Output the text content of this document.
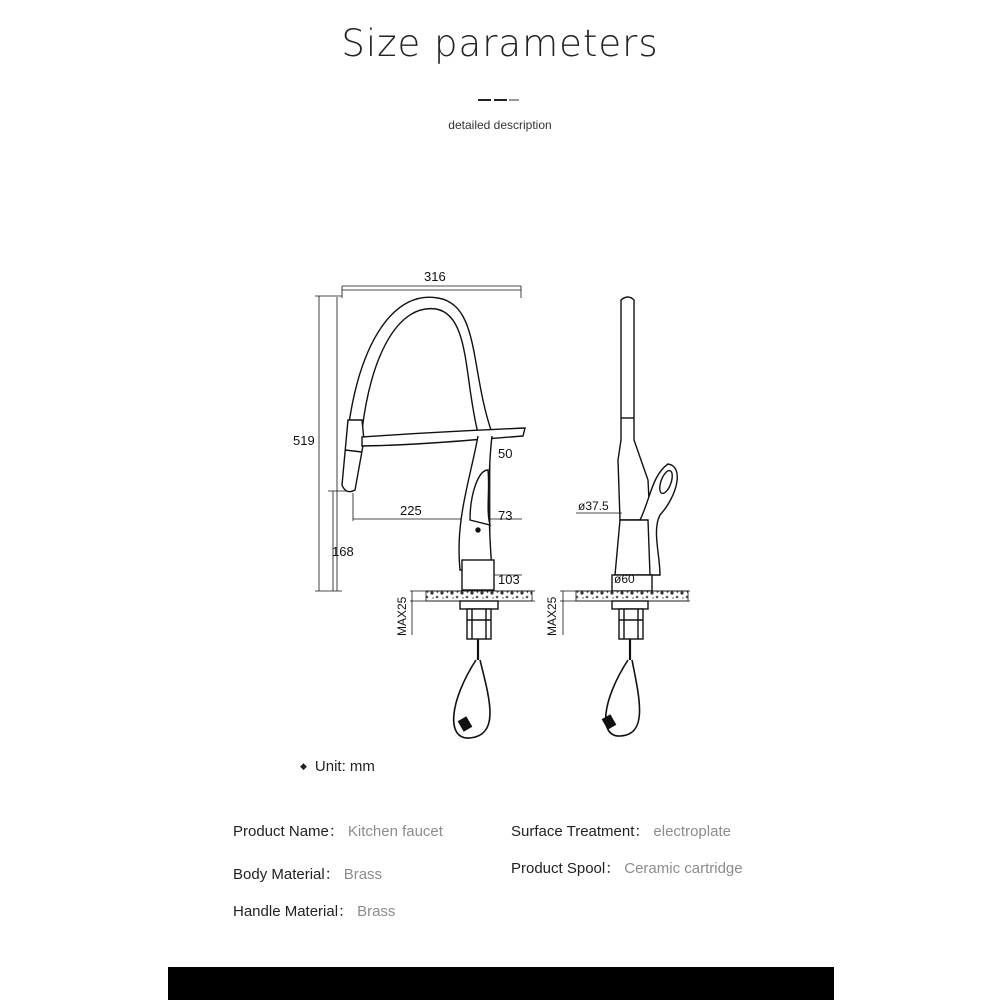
Size parameters
detailed description
316
519
50
225	73
168
103
MAX25
ø37.5
ø60
MAX25
◆ Unit: mm
Product Name： Kitchen faucet	Surface Treatment： electroplate
Body Material： Brass	Product Spool： Ceramic cartridge
Handle Material： Brass
